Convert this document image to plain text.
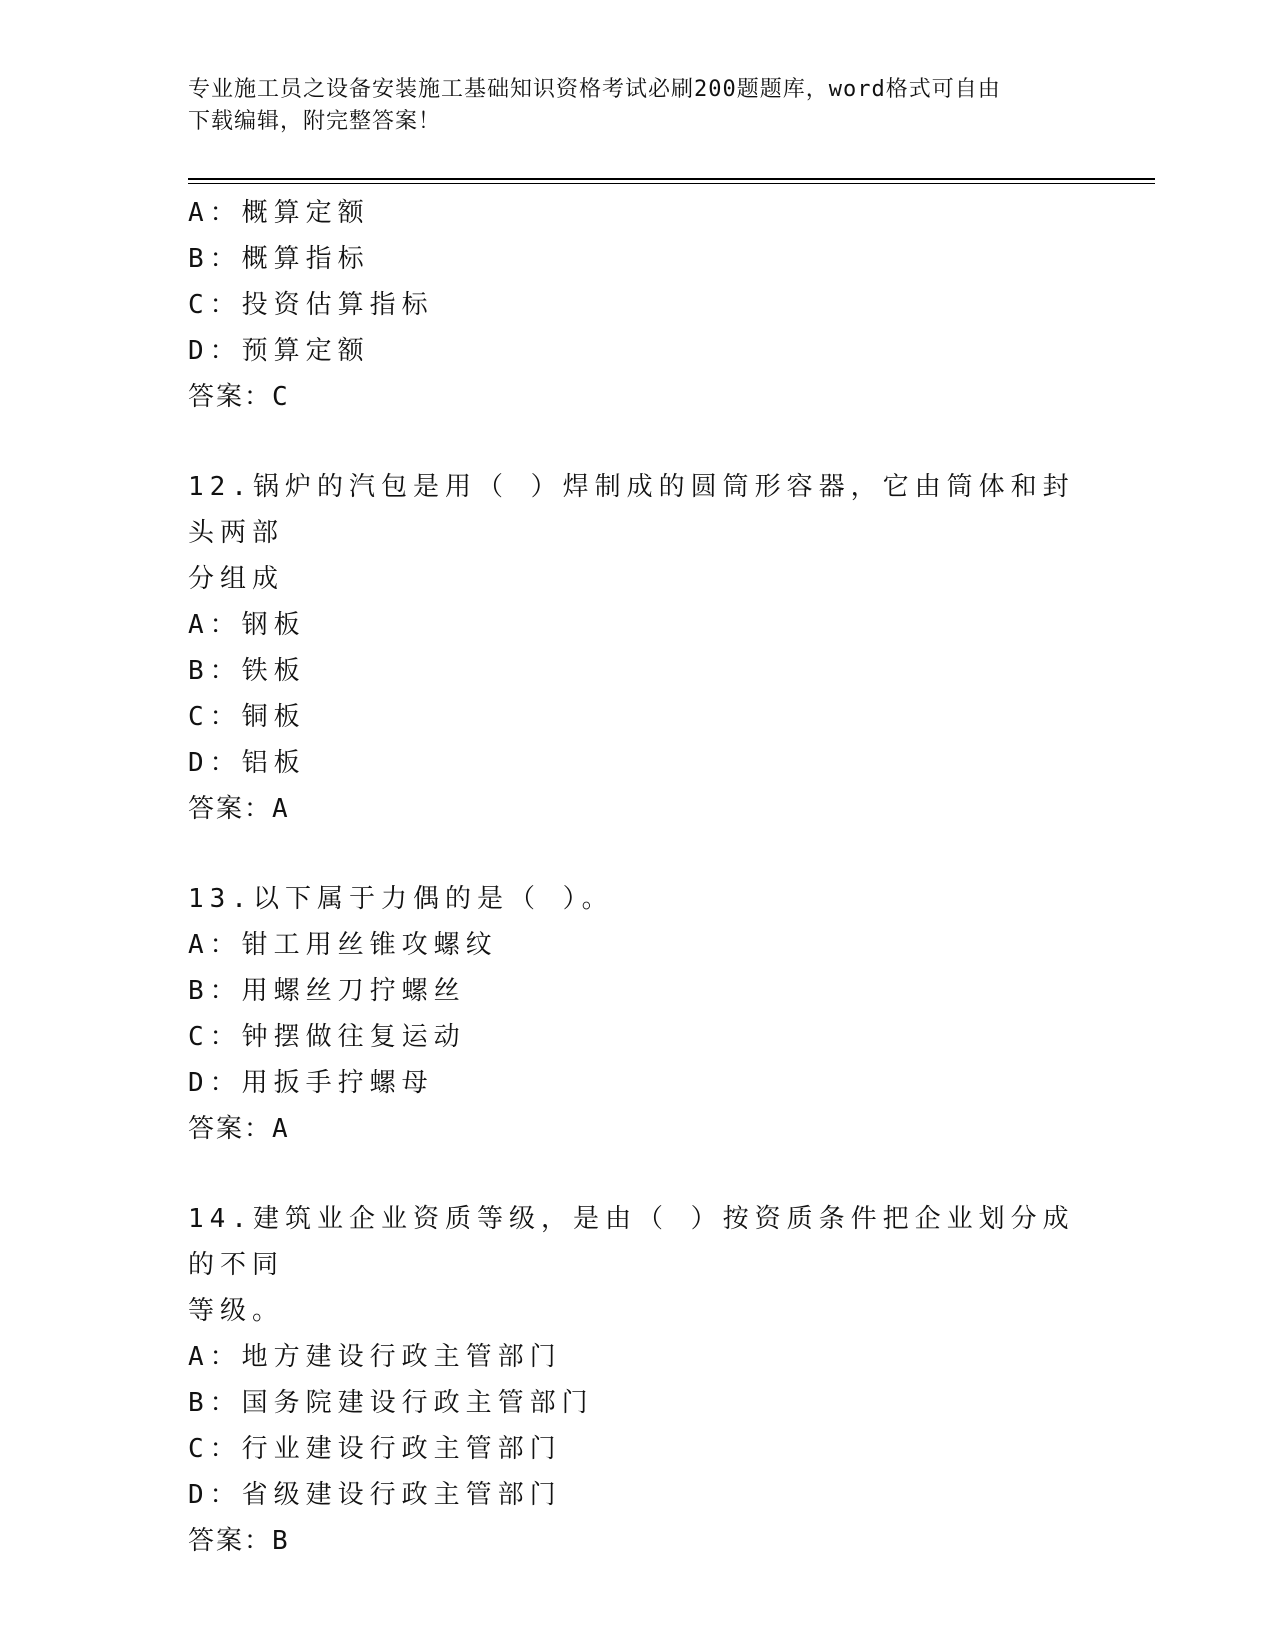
专业施工员之设备安装施工基础知识资格考试必刷200题题库，word格式可自由
下载编辑，附完整答案！
A：概算定额
B：概算指标
C：投资估算指标
D：预算定额
答案：C
12.锅炉的汽包是用（ ）焊制成的圆筒形容器，它由筒体和封头两部
分组成
A：钢板
B：铁板
C：铜板
D：铝板
答案：A
13.以下属于力偶的是（ ）。
A：钳工用丝锥攻螺纹
B：用螺丝刀拧螺丝
C：钟摆做往复运动
D：用扳手拧螺母
答案：A
14.建筑业企业资质等级，是由（ ）按资质条件把企业划分成的不同
等级。
A：地方建设行政主管部门
B：国务院建设行政主管部门
C：行业建设行政主管部门
D：省级建设行政主管部门
答案：B
